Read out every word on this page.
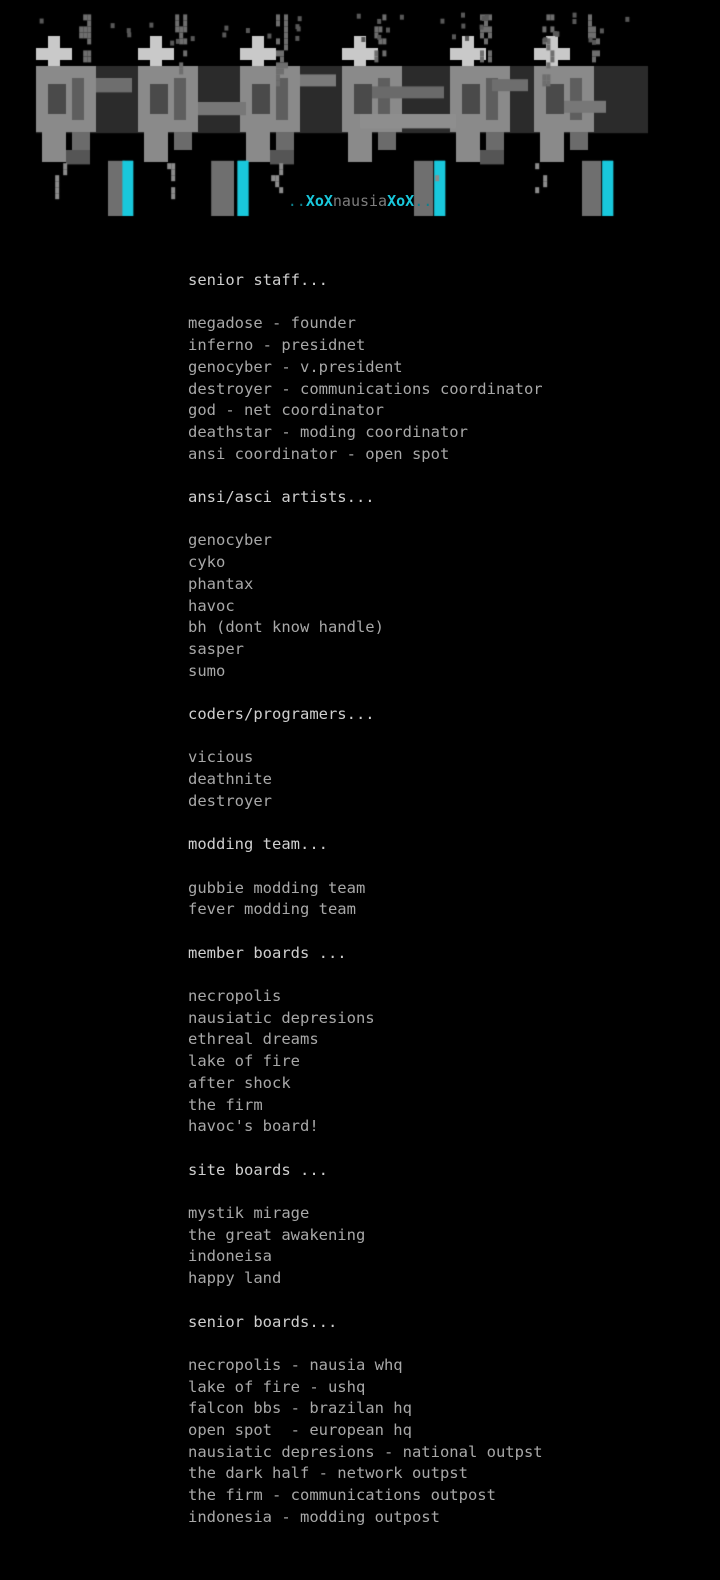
..XoXnausiaXoX..
senior staff...
megadose - founder
inferno - presidnet
genocyber - v.president
destroyer - communications coordinator
god - net coordinator
deathstar - moding coordinator
ansi coordinator - open spot
ansi/asci artists...
genocyber
cyko
phantax
havoc
bh (dont know handle)
sasper
sumo
coders/programers...
vicious
deathnite
destroyer
modding team...
gubbie modding team
fever modding team
member boards ...
necropolis
nausiatic depresions
ethreal dreams
lake of fire
after shock
the firm
havoc's board!
site boards ...
mystik mirage
the great awakening
indoneisa
happy land
senior boards...
necropolis - nausia whq
lake of fire - ushq
falcon bbs - brazilan hq
open spot  - european hq
nausiatic depresions - national outpst
the dark half - network outpst
the firm - communications outpost
indonesia - modding outpost
